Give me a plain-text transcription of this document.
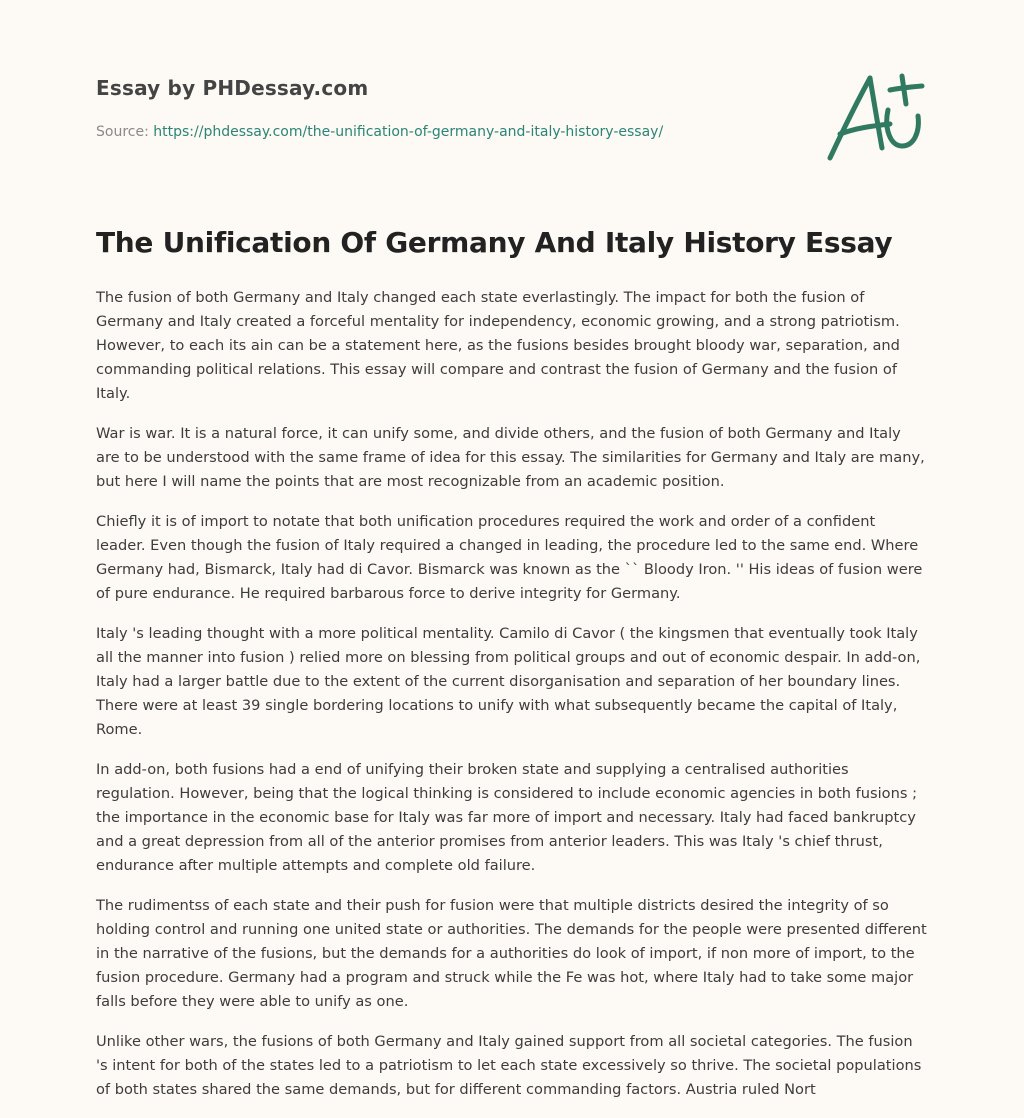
Essay by PHDessay.com
Source: https://phdessay.com/the-unification-of-germany-and-italy-history-essay/
The Unification Of Germany And Italy History Essay

The fusion of both Germany and Italy changed each state everlastingly. The impact for both the fusion of Germany and Italy created a forceful mentality for independency, economic growing, and a strong patriotism. However, to each its ain can be a statement here, as the fusions besides brought bloody war, separation, and commanding political relations. This essay will compare and contrast the fusion of Germany and the fusion of Italy.

War is war. It is a natural force, it can unify some, and divide others, and the fusion of both Germany and Italy are to be understood with the same frame of idea for this essay. The similarities for Germany and Italy are many, but here I will name the points that are most recognizable from an academic position.

Chiefly it is of import to notate that both unification procedures required the work and order of a confident leader. Even though the fusion of Italy required a changed in leading, the procedure led to the same end. Where Germany had, Bismarck, Italy had di Cavor. Bismarck was known as the `` Bloody Iron. '' His ideas of fusion were of pure endurance. He required barbarous force to derive integrity for Germany.

Italy 's leading thought with a more political mentality. Camilo di Cavor ( the kingsmen that eventually took Italy all the manner into fusion ) relied more on blessing from political groups and out of economic despair. In add-on, Italy had a larger battle due to the extent of the current disorganisation and separation of her boundary lines. There were at least 39 single bordering locations to unify with what subsequently became the capital of Italy, Rome.

In add-on, both fusions had a end of unifying their broken state and supplying a centralised authorities regulation. However, being that the logical thinking is considered to include economic agencies in both fusions ; the importance in the economic base for Italy was far more of import and necessary. Italy had faced bankruptcy and a great depression from all of the anterior promises from anterior leaders. This was Italy 's chief thrust, endurance after multiple attempts and complete old failure.

The rudimentss of each state and their push for fusion were that multiple districts desired the integrity of so holding control and running one united state or authorities. The demands for the people were presented different in the narrative of the fusions, but the demands for a authorities do look of import, if non more of import, to the fusion procedure. Germany had a program and struck while the Fe was hot, where Italy had to take some major falls before they were able to unify as one.

Unlike other wars, the fusions of both Germany and Italy gained support from all societal categories. The fusion 's intent for both of the states led to a patriotism to let each state excessively so thrive. The societal populations of both states shared the same demands, but for different commanding factors. Austria ruled Nort
